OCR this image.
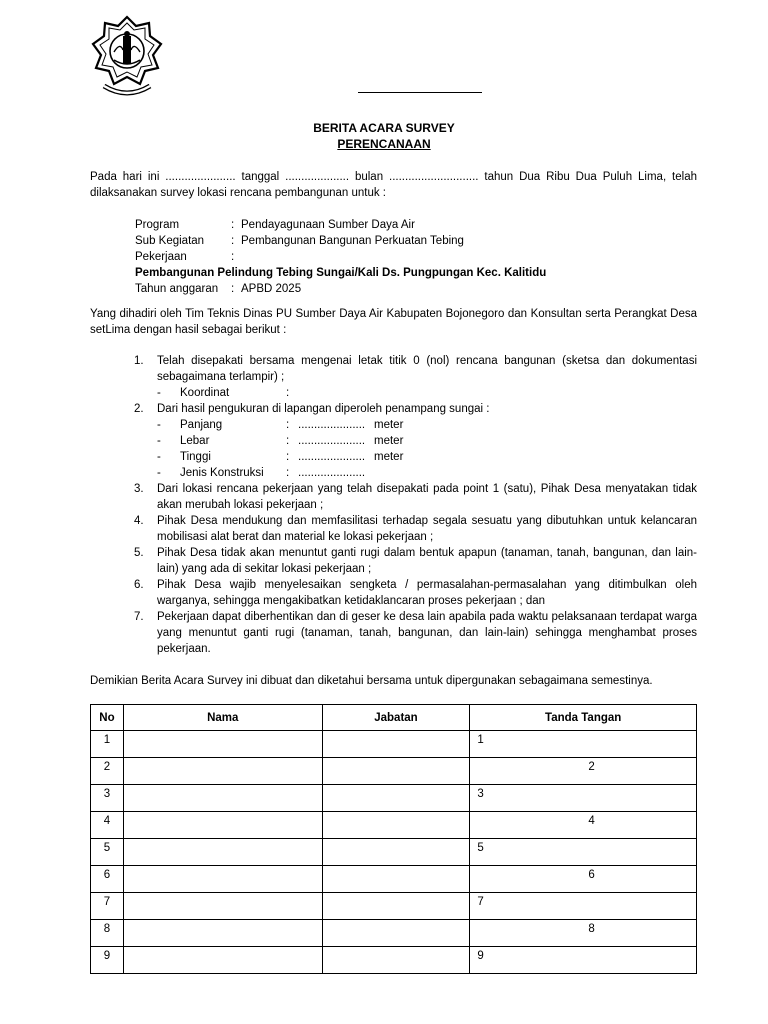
BERITA ACARA SURVEY
PERENCANAAN
Pada hari ini ...................... tanggal .................... bulan ............................ tahun Dua Ribu Dua Puluh Lima, telah dilaksanakan survey lokasi rencana pembangunan untuk :
Program	: Pendayagunaan Sumber Daya Air
Sub Kegiatan	: Pembangunan Bangunan Perkuatan Tebing
Pekerjaan	:
Pembangunan Pelindung Tebing Sungai/Kali Ds. Pungpungan Kec. Kalitidu
Tahun anggaran	: APBD 2025
Yang dihadiri oleh Tim Teknis Dinas PU Sumber Daya Air Kabupaten Bojonegoro dan Konsultan serta Perangkat Desa setLima dengan hasil sebagai berikut :
1. Telah disepakati bersama mengenai letak titik 0 (nol) rencana bangunan (sketsa dan dokumentasi sebagaimana terlampir) ;
-	Koordinat	:
2. Dari hasil pengukuran di lapangan diperoleh penampang sungai :
-	Panjang	: ..................... meter
-	Lebar	: ..................... meter
-	Tinggi	: ..................... meter
-	Jenis Konstruksi	: .....................
3. Dari lokasi rencana pekerjaan yang telah disepakati pada point 1 (satu), Pihak Desa menyatakan tidak akan merubah lokasi pekerjaan ;
4. Pihak Desa mendukung dan memfasilitasi terhadap segala sesuatu yang dibutuhkan untuk kelancaran mobilisasi alat berat dan material ke lokasi pekerjaan ;
5. Pihak Desa tidak akan menuntut ganti rugi dalam bentuk apapun (tanaman, tanah, bangunan, dan lain-lain) yang ada di sekitar lokasi pekerjaan ;
6. Pihak Desa wajib menyelesaikan sengketa / permasalahan-permasalahan yang ditimbulkan oleh warganya, sehingga mengakibatkan ketidaklancaran proses pekerjaan ; dan
7. Pekerjaan dapat diberhentikan dan di geser ke desa lain apabila pada waktu pelaksanaan terdapat warga yang menuntut ganti rugi (tanaman, tanah, bangunan, dan lain-lain) sehingga menghambat proses pekerjaan.
Demikian Berita Acara Survey ini dibuat dan diketahui bersama untuk dipergunakan sebagaimana semestinya.
No	Nama	Jabatan	Tanda Tangan
1			1

2			2

3			3

4			4

5			5

6			6

7			7

8			8

9			9
